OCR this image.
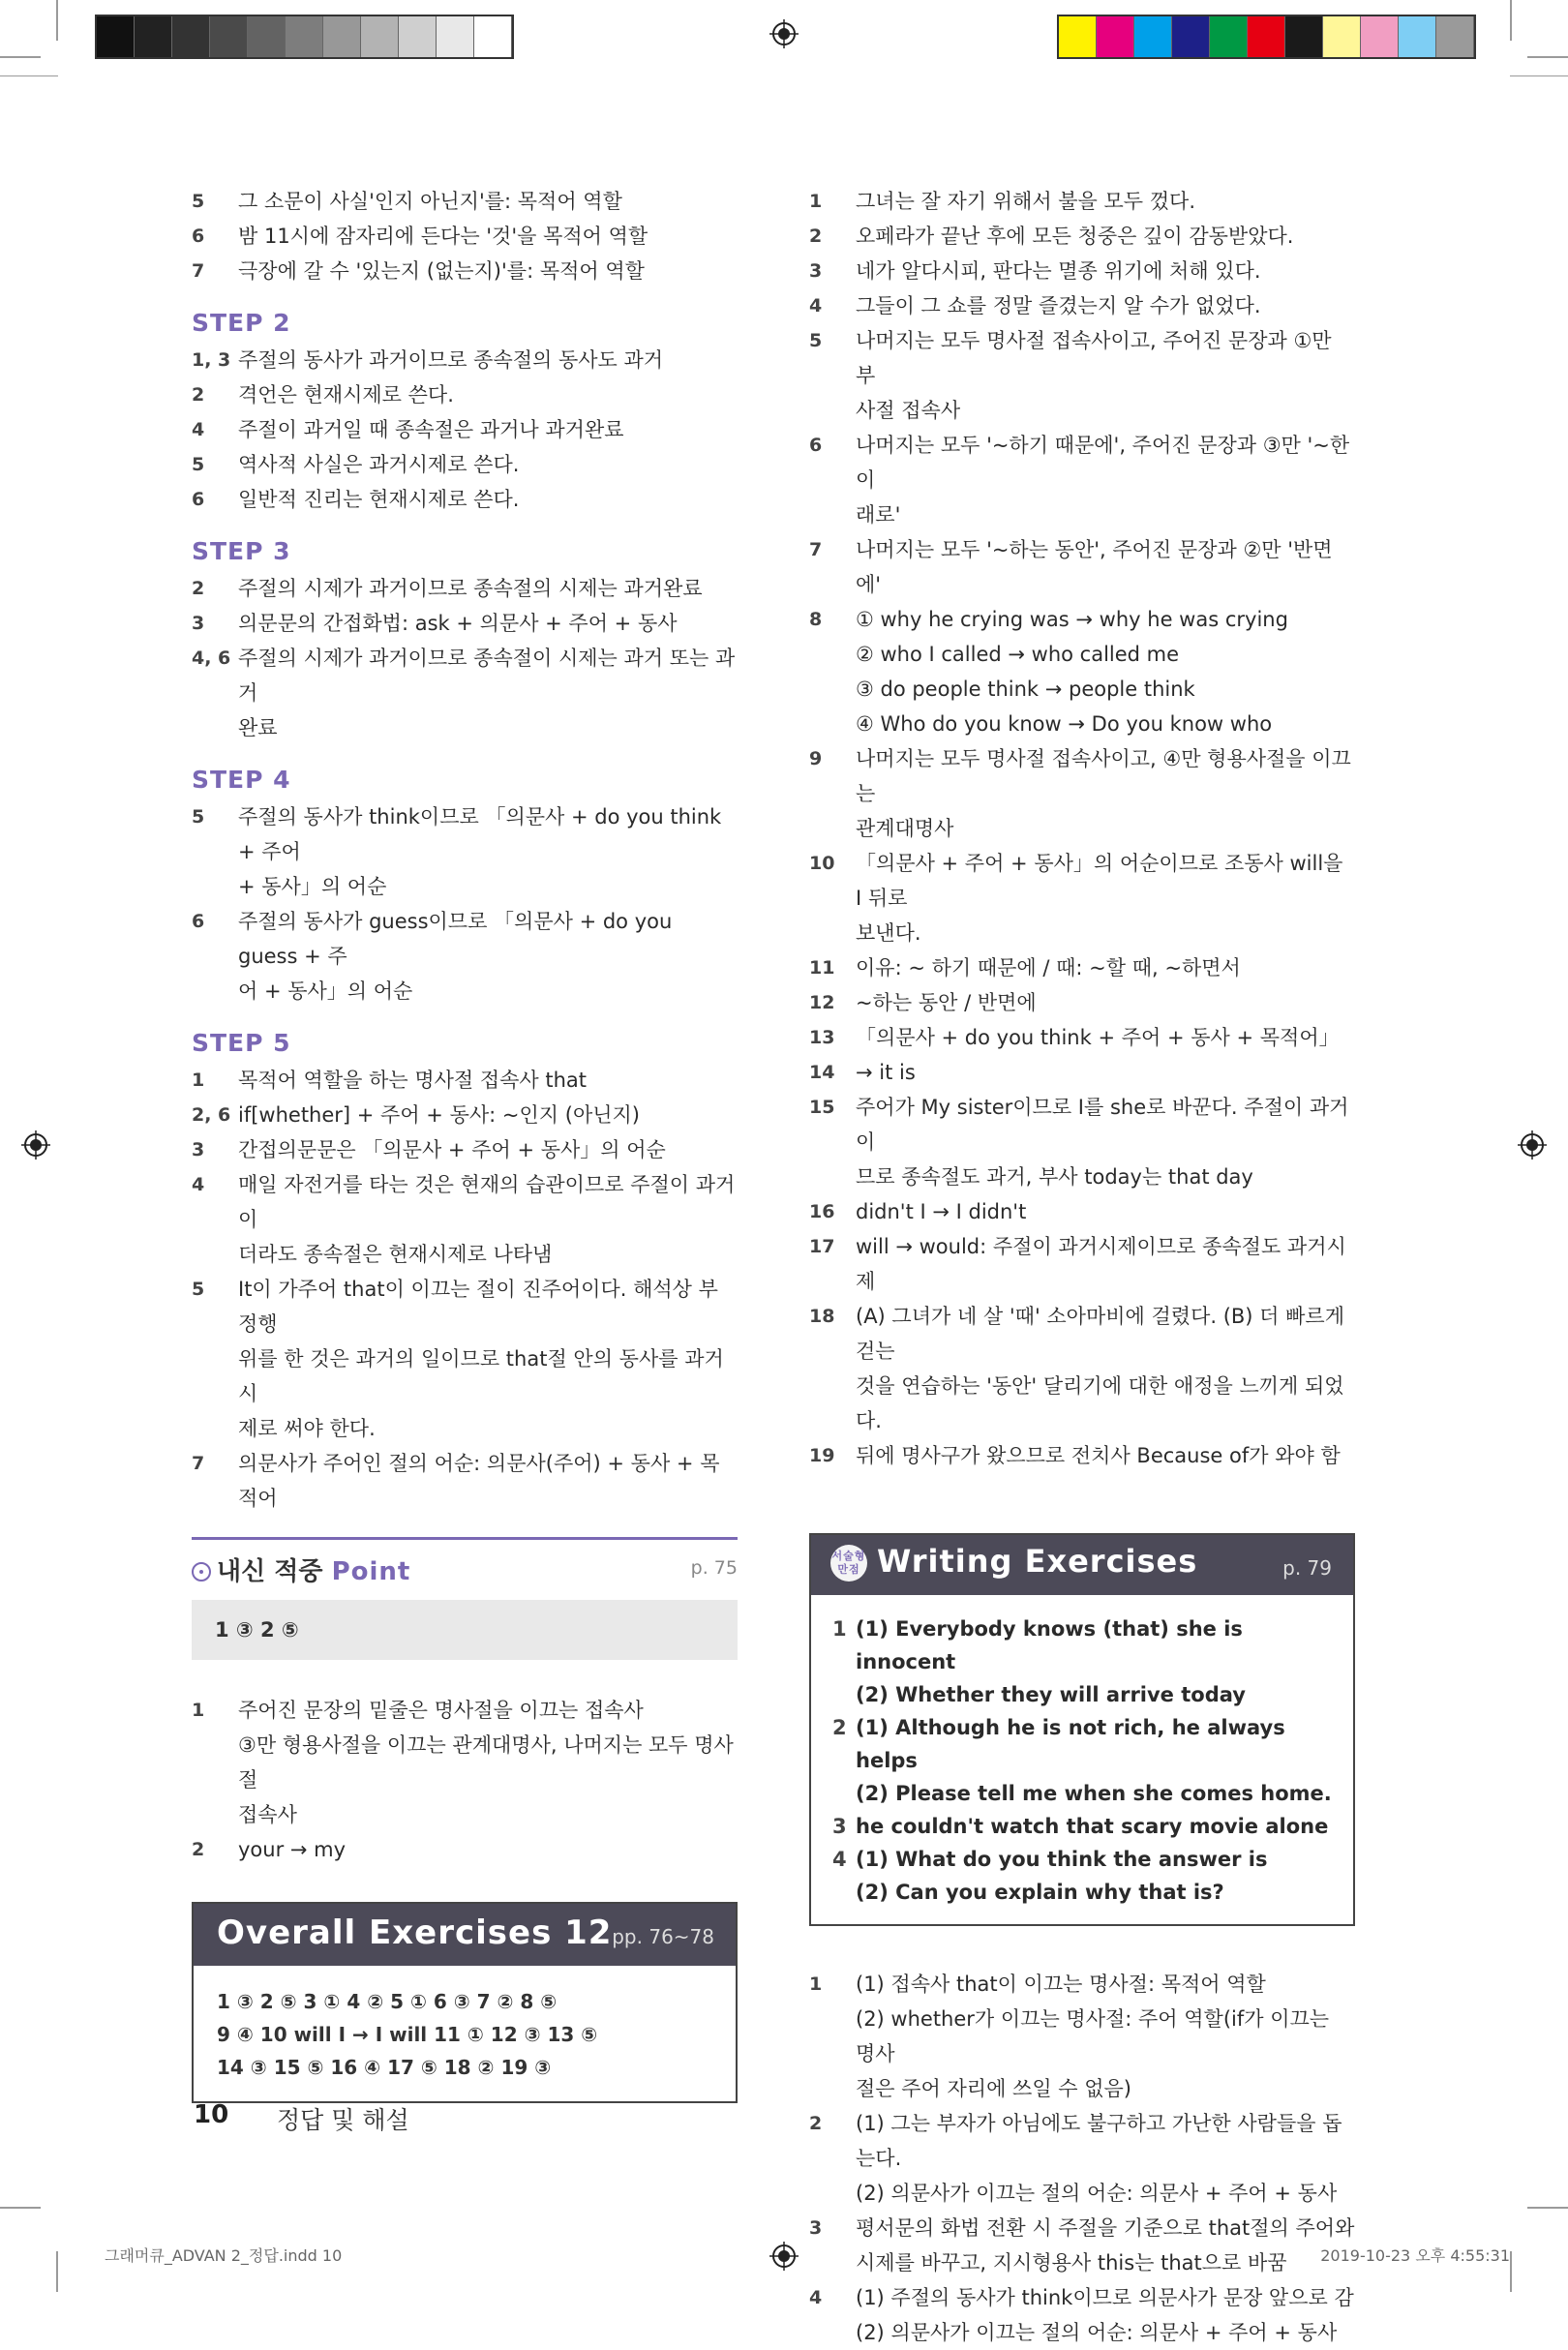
5	그 소문이 사실'인지 아닌지'를: 목적어 역할
6	밤 11시에 잠자리에 든다는 '것'을 목적어 역할
7	극장에 갈 수 '있는지 (없는지)'를: 목적어 역할
STEP 2
1, 3 주절의 동사가 과거이므로 종속절의 동사도 과거
2	격언은 현재시제로 쓴다.
4	주절이 과거일 때 종속절은 과거나 과거완료
5	역사적 사실은 과거시제로 쓴다.
6	일반적 진리는 현재시제로 쓴다.
STEP 3
2	주절의 시제가 과거이므로 종속절의 시제는 과거완료
3	의문문의 간접화법: ask + 의문사 + 주어 + 동사
4, 6 주절의 시제가 과거이므로 종속절이 시제는 과거 또는 과거
완료
STEP 4
5	주절의 동사가 think이므로 「의문사 + do you think + 주어
+ 동사」의 어순
6	주절의 동사가 guess이므로 「의문사 + do you guess + 주
어 + 동사」의 어순
STEP 5
1	목적어 역할을 하는 명사절 접속사 that
2, 6 if[whether] + 주어 + 동사: ~인지 (아닌지)
3	간접의문문은 「의문사 + 주어 + 동사」의 어순
4	매일 자전거를 타는 것은 현재의 습관이므로 주절이 과거이
더라도 종속절은 현재시제로 나타냄
5	It이 가주어 that이 이끄는 절이 진주어이다. 해석상 부정행
위를 한 것은 과거의 일이므로 that절 안의 동사를 과거시
제로 써야 한다.
7	의문사가 주어인 절의 어순: 의문사(주어) + 동사 + 목적어
내신 적중 Point	p. 75
1 ③ 2 ⑤
1	주어진 문장의 밑줄은 명사절을 이끄는 접속사
③만 형용사절을 이끄는 관계대명사, 나머지는 모두 명사절
접속사
2	your → my
Overall Exercises 12 pp. 76~78
1 ③ 2 ⑤ 3 ① 4 ② 5 ① 6 ③ 7 ② 8 ⑤
9 ④ 10 will I → I will 11 ① 12 ③ 13 ⑤
14 ③ 15 ⑤ 16 ④ 17 ⑤ 18 ② 19 ③
1	그녀는 잘 자기 위해서 불을 모두 껐다.
2	오페라가 끝난 후에 모든 청중은 깊이 감동받았다.
3	네가 알다시피, 판다는 멸종 위기에 처해 있다.
4	그들이 그 쇼를 정말 즐겼는지 알 수가 없었다.
5	나머지는 모두 명사절 접속사이고, 주어진 문장과 ①만 부
사절 접속사
6	나머지는 모두 '~하기 때문에', 주어진 문장과 ③만 '~한 이
래로'
7	나머지는 모두 '~하는 동안', 주어진 문장과 ②만 '반면에'
8	① why he crying was → why he was crying
② who I called → who called me
③ do people think → people think
④ Who do you know → Do you know who
9	나머지는 모두 명사절 접속사이고, ④만 형용사절을 이끄는
관계대명사
10	「의문사 + 주어 + 동사」의 어순이므로 조동사 will을 I 뒤로
보낸다.
11	이유: ~ 하기 때문에 / 때: ~할 때, ~하면서
12	~하는 동안 / 반면에
13	「의문사 + do you think + 주어 + 동사 + 목적어」
14	→ it is
15	주어가 My sister이므로 I를 she로 바꾼다. 주절이 과거이
므로 종속절도 과거, 부사 today는 that day
16	didn't I → I didn't
17	will → would: 주절이 과거시제이므로 종속절도 과거시제
18	(A) 그녀가 네 살 '때' 소아마비에 걸렸다. (B) 더 빠르게 걷는
것을 연습하는 '동안' 달리기에 대한 애정을 느끼게 되었다.
19	뒤에 명사구가 왔으므로 전치사 Because of가 와야 함
서술형 만점 Writing Exercises	p. 79
1 (1) Everybody knows (that) she is innocent
(2) Whether they will arrive today
2 (1) Although he is not rich, he always helps
(2) Please tell me when she comes home.
3 he couldn't watch that scary movie alone
4 (1) What do you think the answer is
(2) Can you explain why that is?
1	(1) 접속사 that이 이끄는 명사절: 목적어 역할
(2) whether가 이끄는 명사절: 주어 역할(if가 이끄는 명사
절은 주어 자리에 쓰일 수 없음)
2	(1) 그는 부자가 아님에도 불구하고 가난한 사람들을 돕는다.
(2) 의문사가 이끄는 절의 어순: 의문사 + 주어 + 동사
3	평서문의 화법 전환 시 주절을 기준으로 that절의 주어와
시제를 바꾸고, 지시형용사 this는 that으로 바꿈
4	(1) 주절의 동사가 think이므로 의문사가 문장 앞으로 감
(2) 의문사가 이끄는 절의 어순: 의문사 + 주어 + 동사
10 정답 및 해설
그래머큐_ADVAN 2_정답.indd 10	2019-10-23 오후 4:55:31
